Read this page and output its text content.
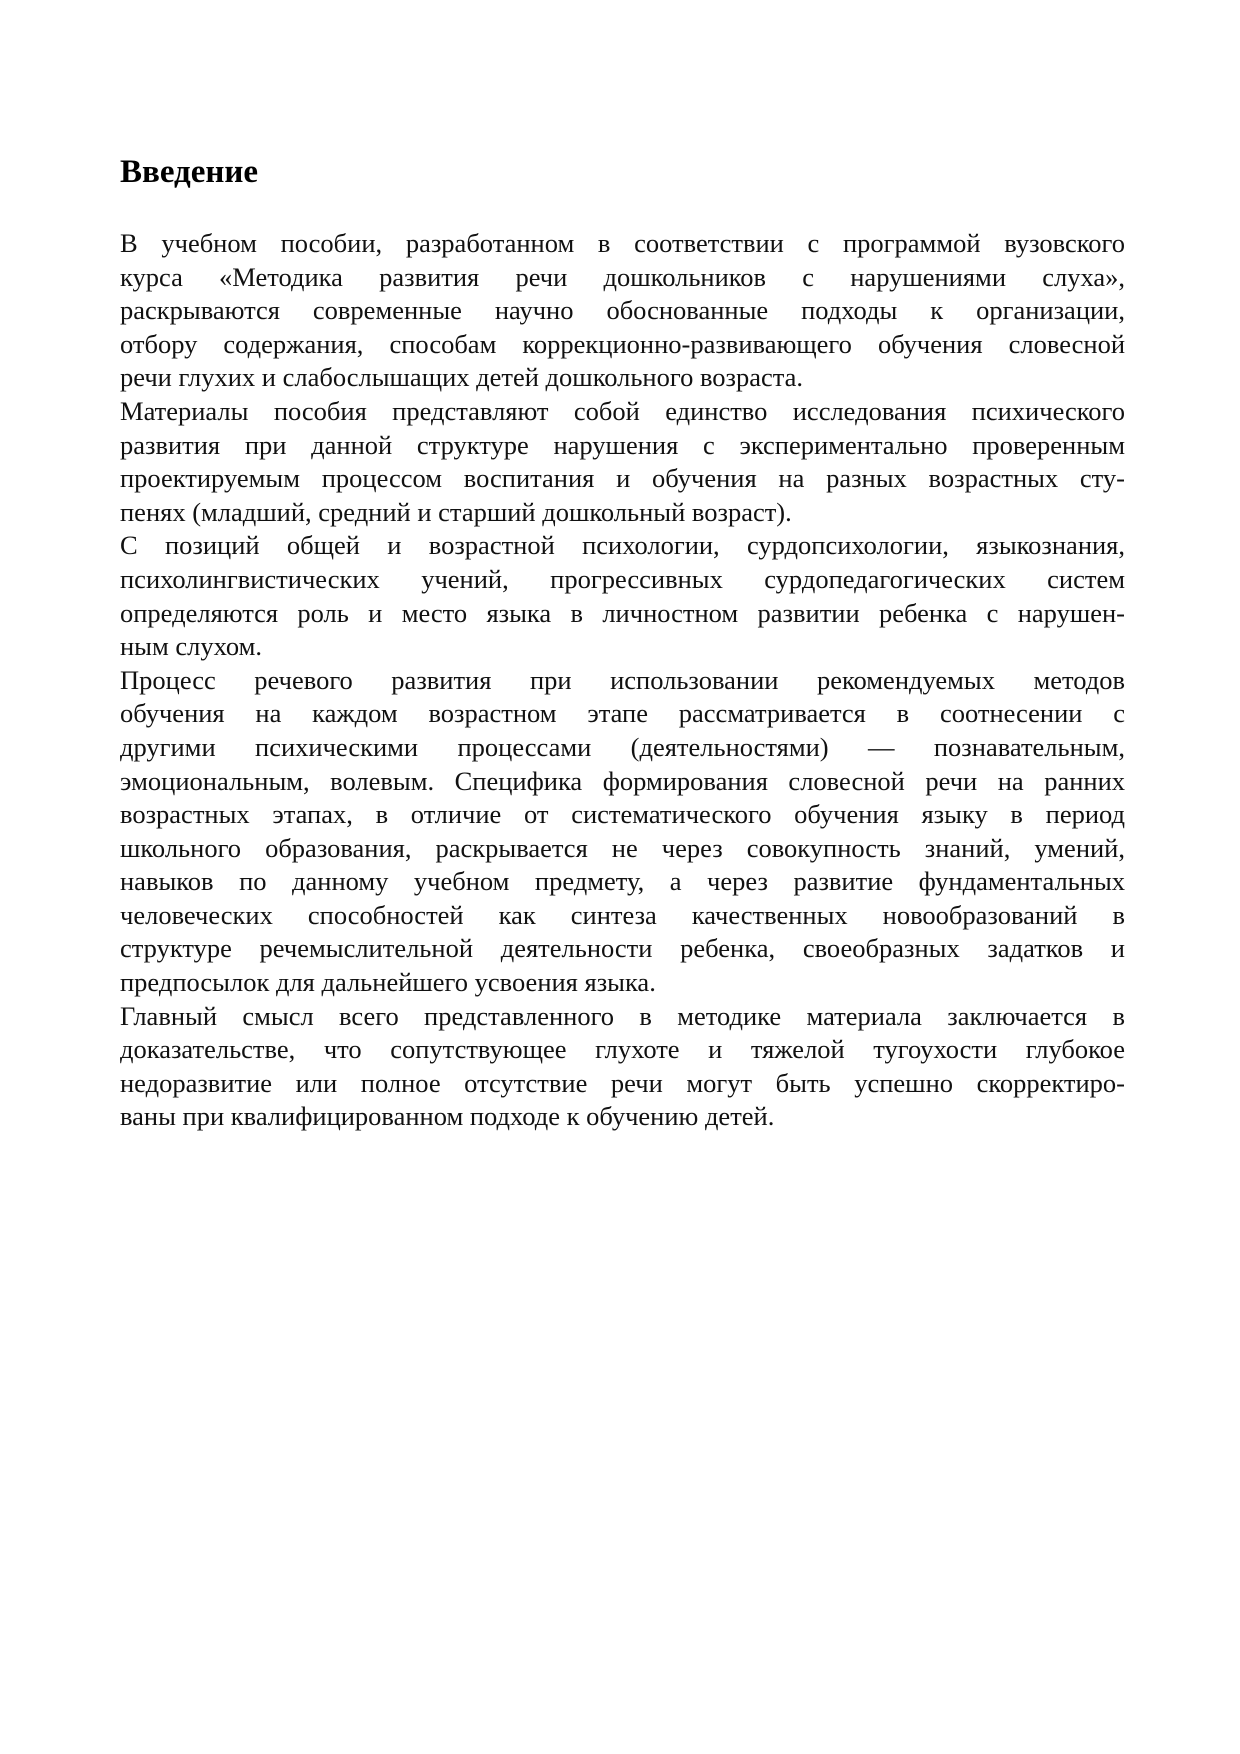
Введение

В учебном пособии, разработанном в соответствии с программой вузовского
курса «Методика развития речи дошкольников с нарушениями слуха»,
раскрываются современные научно обоснованные подходы к организации,
отбору содержания, способам коррекционно-развивающего обучения словесной
речи глухих и слабослышащих детей дошкольного возраста.

Материалы пособия представляют собой единство исследования психического
развития при данной структуре нарушения с экспериментально проверенным
проектируемым процессом воспитания и обучения на разных возрастных сту-
пенях (младший, средний и старший дошкольный возраст).

С позиций общей и возрастной психологии, сурдопсихологии, языкознания,
психолингвистических учений, прогрессивных сурдопедагогических систем
определяются роль и место языка в личностном развитии ребенка с нарушен-
ным слухом.

Процесс речевого развития при использовании рекомендуемых методов
обучения на каждом возрастном этапе рассматривается в соотнесении с
другими психическими процессами (деятельностями) — познавательным,
эмоциональным, волевым. Специфика формирования словесной речи на ранних
возрастных этапах, в отличие от систематического обучения языку в период
школьного образования, раскрывается не через совокупность знаний, умений,
навыков по данному учебном предмету, а через развитие фундаментальных
человеческих способностей как синтеза качественных новообразований в
структуре речемыслительной деятельности ребенка, своеобразных задатков и
предпосылок для дальнейшего усвоения языка.

Главный смысл всего представленного в методике материала заключается в
доказательстве, что сопутствующее глухоте и тяжелой тугоухости глубокое
недоразвитие или полное отсутствие речи могут быть успешно скорректиро-
ваны при квалифицированном подходе к обучению детей.
